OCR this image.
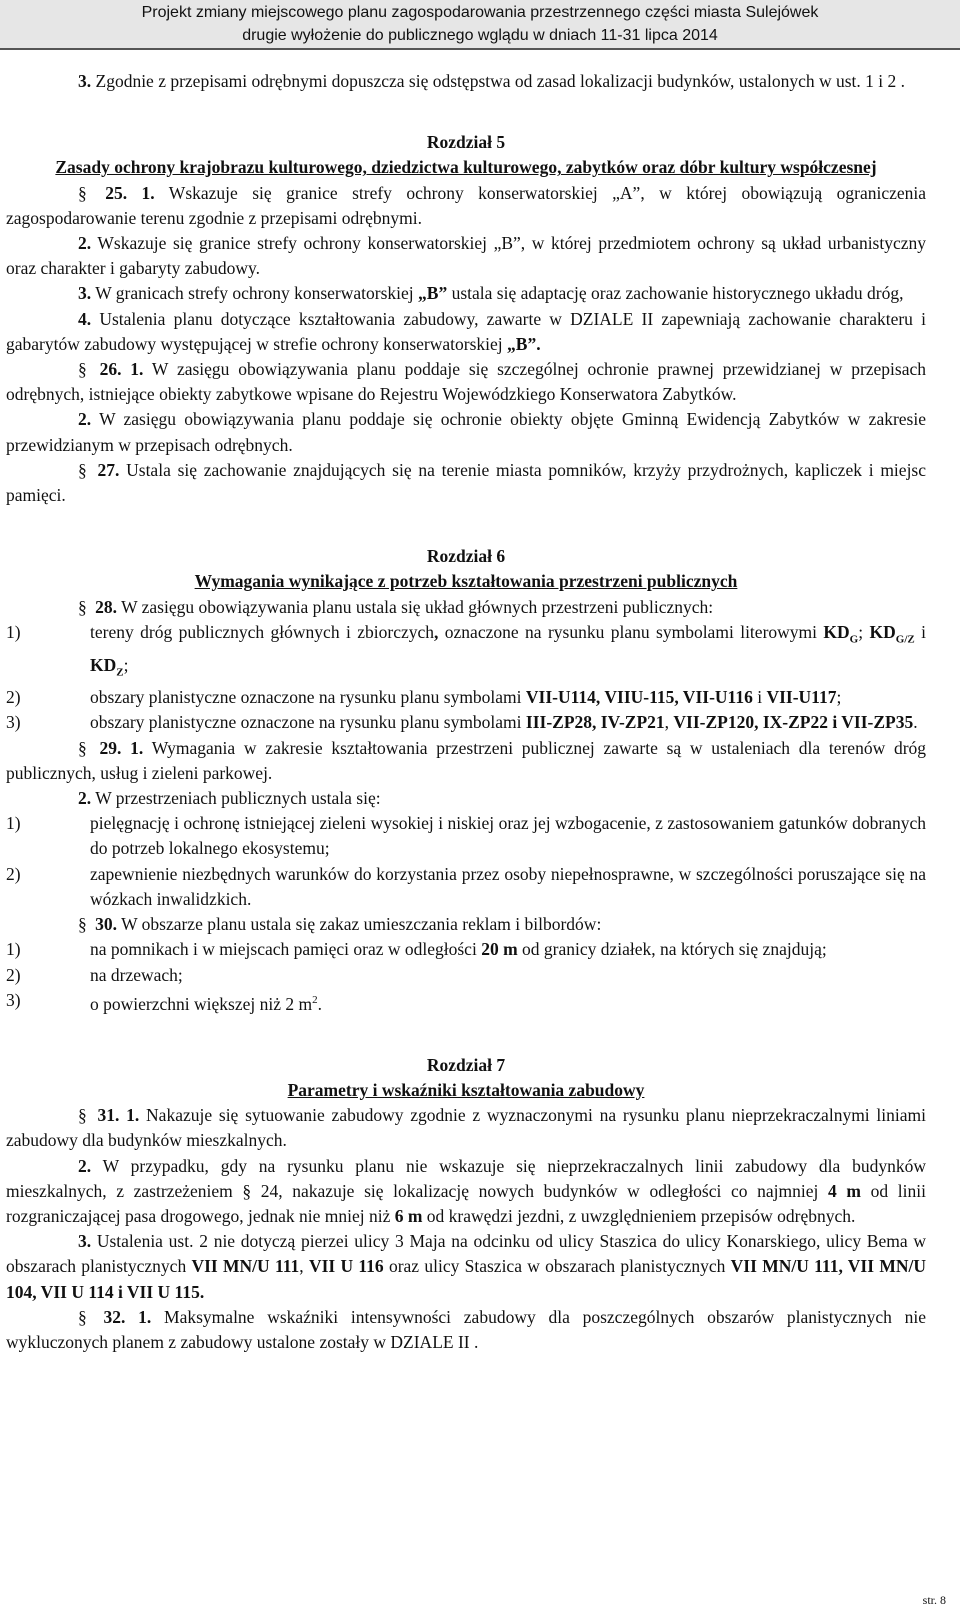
Projekt zmiany miejscowego planu zagospodarowania przestrzennego części miasta Sulejówek
drugie wyłożenie do publicznego wglądu w dniach 11-31 lipca 2014

3. Zgodnie z przepisami odrębnymi dopuszcza się odstępstwa od zasad lokalizacji budynków, ustalonych w ust. 1 i 2 .

Rozdział 5
Zasady ochrony krajobrazu kulturowego, dziedzictwa kulturowego, zabytków oraz dóbr kultury współczesnej

§ 25. 1. Wskazuje się granice strefy ochrony konserwatorskiej „A”, w której obowiązują ograniczenia zagospodarowanie terenu zgodnie z przepisami odrębnymi.

2. Wskazuje się granice strefy ochrony konserwatorskiej „B”, w której przedmiotem ochrony są układ urbanistyczny oraz charakter i gabaryty zabudowy.

3. W granicach strefy ochrony konserwatorskiej „B” ustala się adaptację oraz zachowanie historycznego układu dróg,

4. Ustalenia planu dotyczące kształtowania zabudowy, zawarte w DZIALE II zapewniają zachowanie charakteru i gabarytów zabudowy występującej w strefie ochrony konserwatorskiej „B”.

§ 26. 1. W zasięgu obowiązywania planu poddaje się szczególnej ochronie prawnej przewidzianej w przepisach odrębnych, istniejące obiekty zabytkowe wpisane do Rejestru Wojewódzkiego Konserwatora Zabytków.

2. W zasięgu obowiązywania planu poddaje się ochronie obiekty objęte Gminną Ewidencją Zabytków w zakresie przewidzianym w przepisach odrębnych.

§ 27. Ustala się zachowanie znajdujących się na terenie miasta pomników, krzyży przydrożnych, kapliczek i miejsc pamięci.

Rozdział 6
Wymagania wynikające z potrzeb kształtowania przestrzeni publicznych

§ 28. W zasięgu obowiązywania planu ustala się układ głównych przestrzeni publicznych:

1)	tereny dróg publicznych głównych i zbiorczych, oznaczone na rysunku planu symbolami literowymi $KD_G$; $KD_{G/Z}$ i $KD_Z$;
2)	obszary planistyczne oznaczone na rysunku planu symbolami VII-U114, VIIU-115, VII-U116 i VII-U117;
3)	obszary planistyczne oznaczone na rysunku planu symbolami III-ZP28, IV-ZP21, VII-ZP120, IX-ZP22 i VII-ZP35.

§ 29. 1. Wymagania w zakresie kształtowania przestrzeni publicznej zawarte są w ustaleniach dla terenów dróg publicznych, usług i zieleni parkowej.

2. W przestrzeniach publicznych ustala się:

1)	pielęgnację i ochronę istniejącej zieleni wysokiej i niskiej oraz jej wzbogacenie, z zastosowaniem gatunków dobranych do potrzeb lokalnego ekosystemu;
2)	zapewnienie niezbędnych warunków do korzystania przez osoby niepełnosprawne, w szczególności poruszające się na wózkach inwalidzkich.

§ 30. W obszarze planu ustala się zakaz umieszczania reklam i bilbordów:

1)	na pomnikach i w miejscach pamięci oraz w odległości 20 m od granicy działek, na których się znajdują;
2)	na drzewach;
3)	o powierzchni większej niż 2 $m^2$.
Rozdział 7
Parametry i wskaźniki kształtowania zabudowy

§ 31. 1. Nakazuje się sytuowanie zabudowy zgodnie z wyznaczonymi na rysunku planu nieprzekraczalnymi liniami zabudowy dla budynków mieszkalnych.

2. W przypadku, gdy na rysunku planu nie wskazuje się nieprzekraczalnych linii zabudowy dla budynków mieszkalnych, z zastrzeżeniem § 24, nakazuje się lokalizację nowych budynków w odległości co najmniej 4 m od linii rozgraniczającej pasa drogowego, jednak nie mniej niż 6 m od krawędzi jezdni, z uwzględnieniem przepisów odrębnych.

3. Ustalenia ust. 2 nie dotyczą pierzei ulicy 3 Maja na odcinku od ulicy Staszica do ulicy Konarskiego, ulicy Bema w obszarach planistycznych VII MN/U 111, VII U 116 oraz ulicy Staszica w obszarach planistycznych VII MN/U 111, VII MN/U 104, VII U 114 i VII U 115.

§ 32. 1. Maksymalne wskaźniki intensywności zabudowy dla poszczególnych obszarów planistycznych nie wykluczonych planem z zabudowy ustalone zostały w DZIALE II .

str. 8
